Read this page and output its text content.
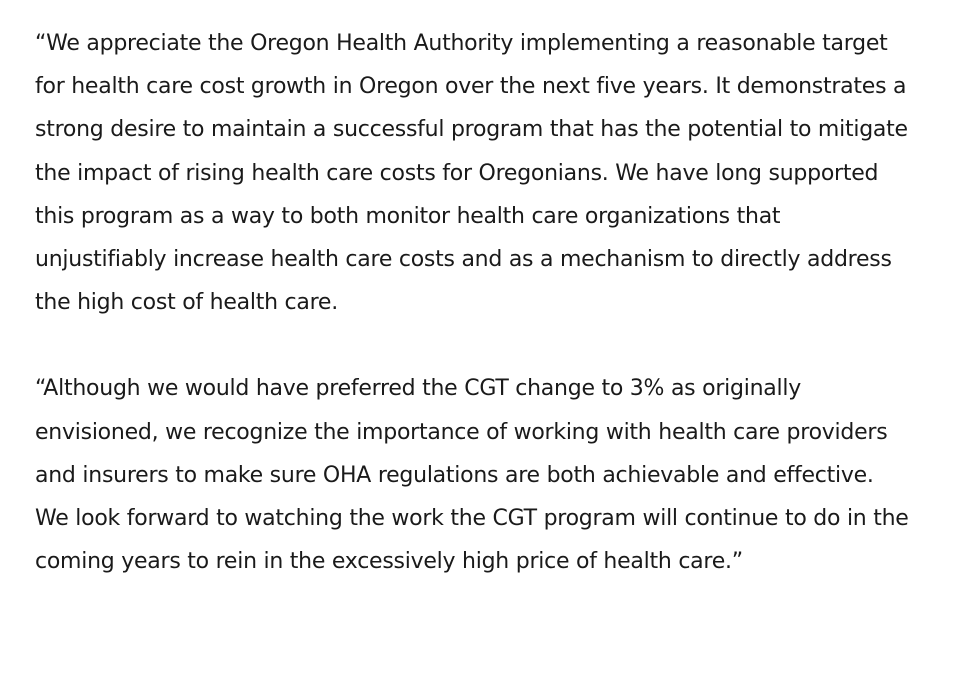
“We appreciate the Oregon Health Authority implementing a reasonable target for health care cost growth in Oregon over the next five years. It demonstrates a strong desire to maintain a successful program that has the potential to mitigate the impact of rising health care costs for Oregonians. We have long supported this program as a way to both monitor health care organizations that unjustifiably increase health care costs and as a mechanism to directly address the high cost of health care.

“Although we would have preferred the CGT change to 3% as originally envisioned, we recognize the importance of working with health care providers and insurers to make sure OHA regulations are both achievable and effective. We look forward to watching the work the CGT program will continue to do in the coming years to rein in the excessively high price of health care.”
